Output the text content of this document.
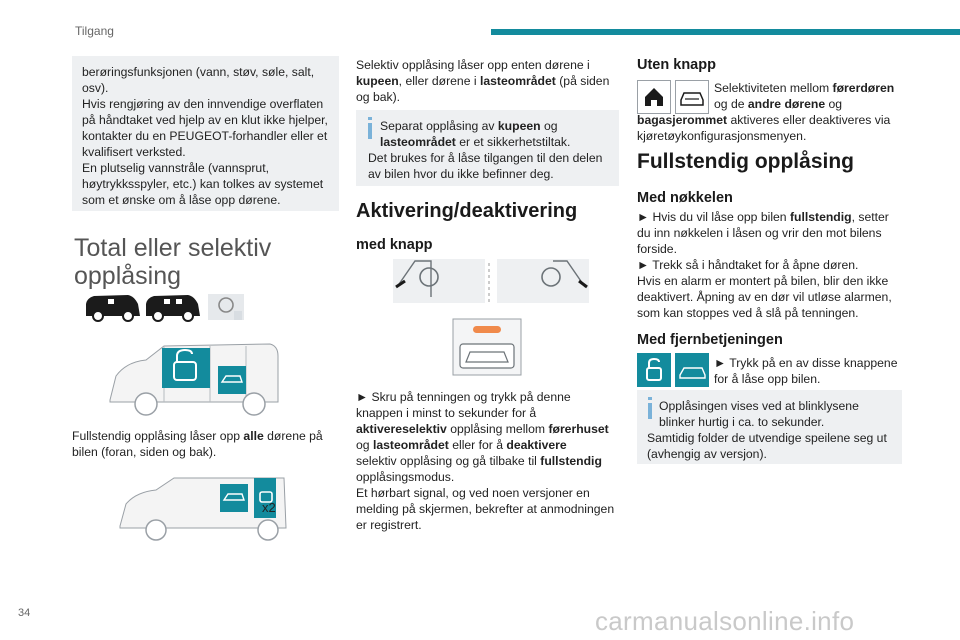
Tilgang
berøringsfunksjonen (vann, støv, søle, salt,
osv).
Hvis rengjøring av den innvendige overflaten
på håndtaket ved hjelp av en klut ikke hjelper,
kontakter du en PEUGEOT-forhandler eller et
kvalifisert verksted.
En plutselig vannstråle (vannsprut,
høytrykksspyler, etc.) kan tolkes av systemet
som et ønske om å låse opp dørene.
Total eller selektiv
opplåsing
Fullstendig opplåsing låser opp alle dørene på
bilen (foran, siden og bak).
x2
Selektiv opplåsing låser opp enten dørene i
kupeen, eller dørene i lasteområdet (på siden
og bak).
Separat opplåsing av kupeen og
lasteområdet er et sikkerhetstiltak.
Det brukes for å låse tilgangen til den delen
av bilen hvor du ikke befinner deg.
Aktivering/deaktivering
med knapp
► Skru på tenningen og trykk på denne
knappen i minst to sekunder for å
aktivereselektiv opplåsing mellom førerhuset
og lasteområdet eller for å deaktivere
selektiv opplåsing og gå tilbake til fullstendig
opplåsingsmodus.
Et hørbart signal, og ved noen versjoner en
melding på skjermen, bekrefter at anmodningen
er registrert.
Uten knapp
Selektiviteten mellom førerdøren
og de andre dørene og
bagasjerommet aktiveres eller deaktiveres via
kjøretøykonfigurasjonsmenyen.
Fullstendig opplåsing
Med nøkkelen
► Hvis du vil låse opp bilen fullstendig, setter
du inn nøkkelen i låsen og vrir den mot bilens
forside.
► Trekk så i håndtaket for å åpne døren.
Hvis en alarm er montert på bilen, blir den ikke
deaktivert. Åpning av en dør vil utløse alarmen,
som kan stoppes ved å slå på tenningen.
Med fjernbetjeningen
► Trykk på en av disse knappene
for å låse opp bilen.
Opplåsingen vises ved at blinklysene
blinker hurtig i ca. to sekunder.
Samtidig folder de utvendige speilene seg ut
(avhengig av versjon).
34	carmanualsonline.info
